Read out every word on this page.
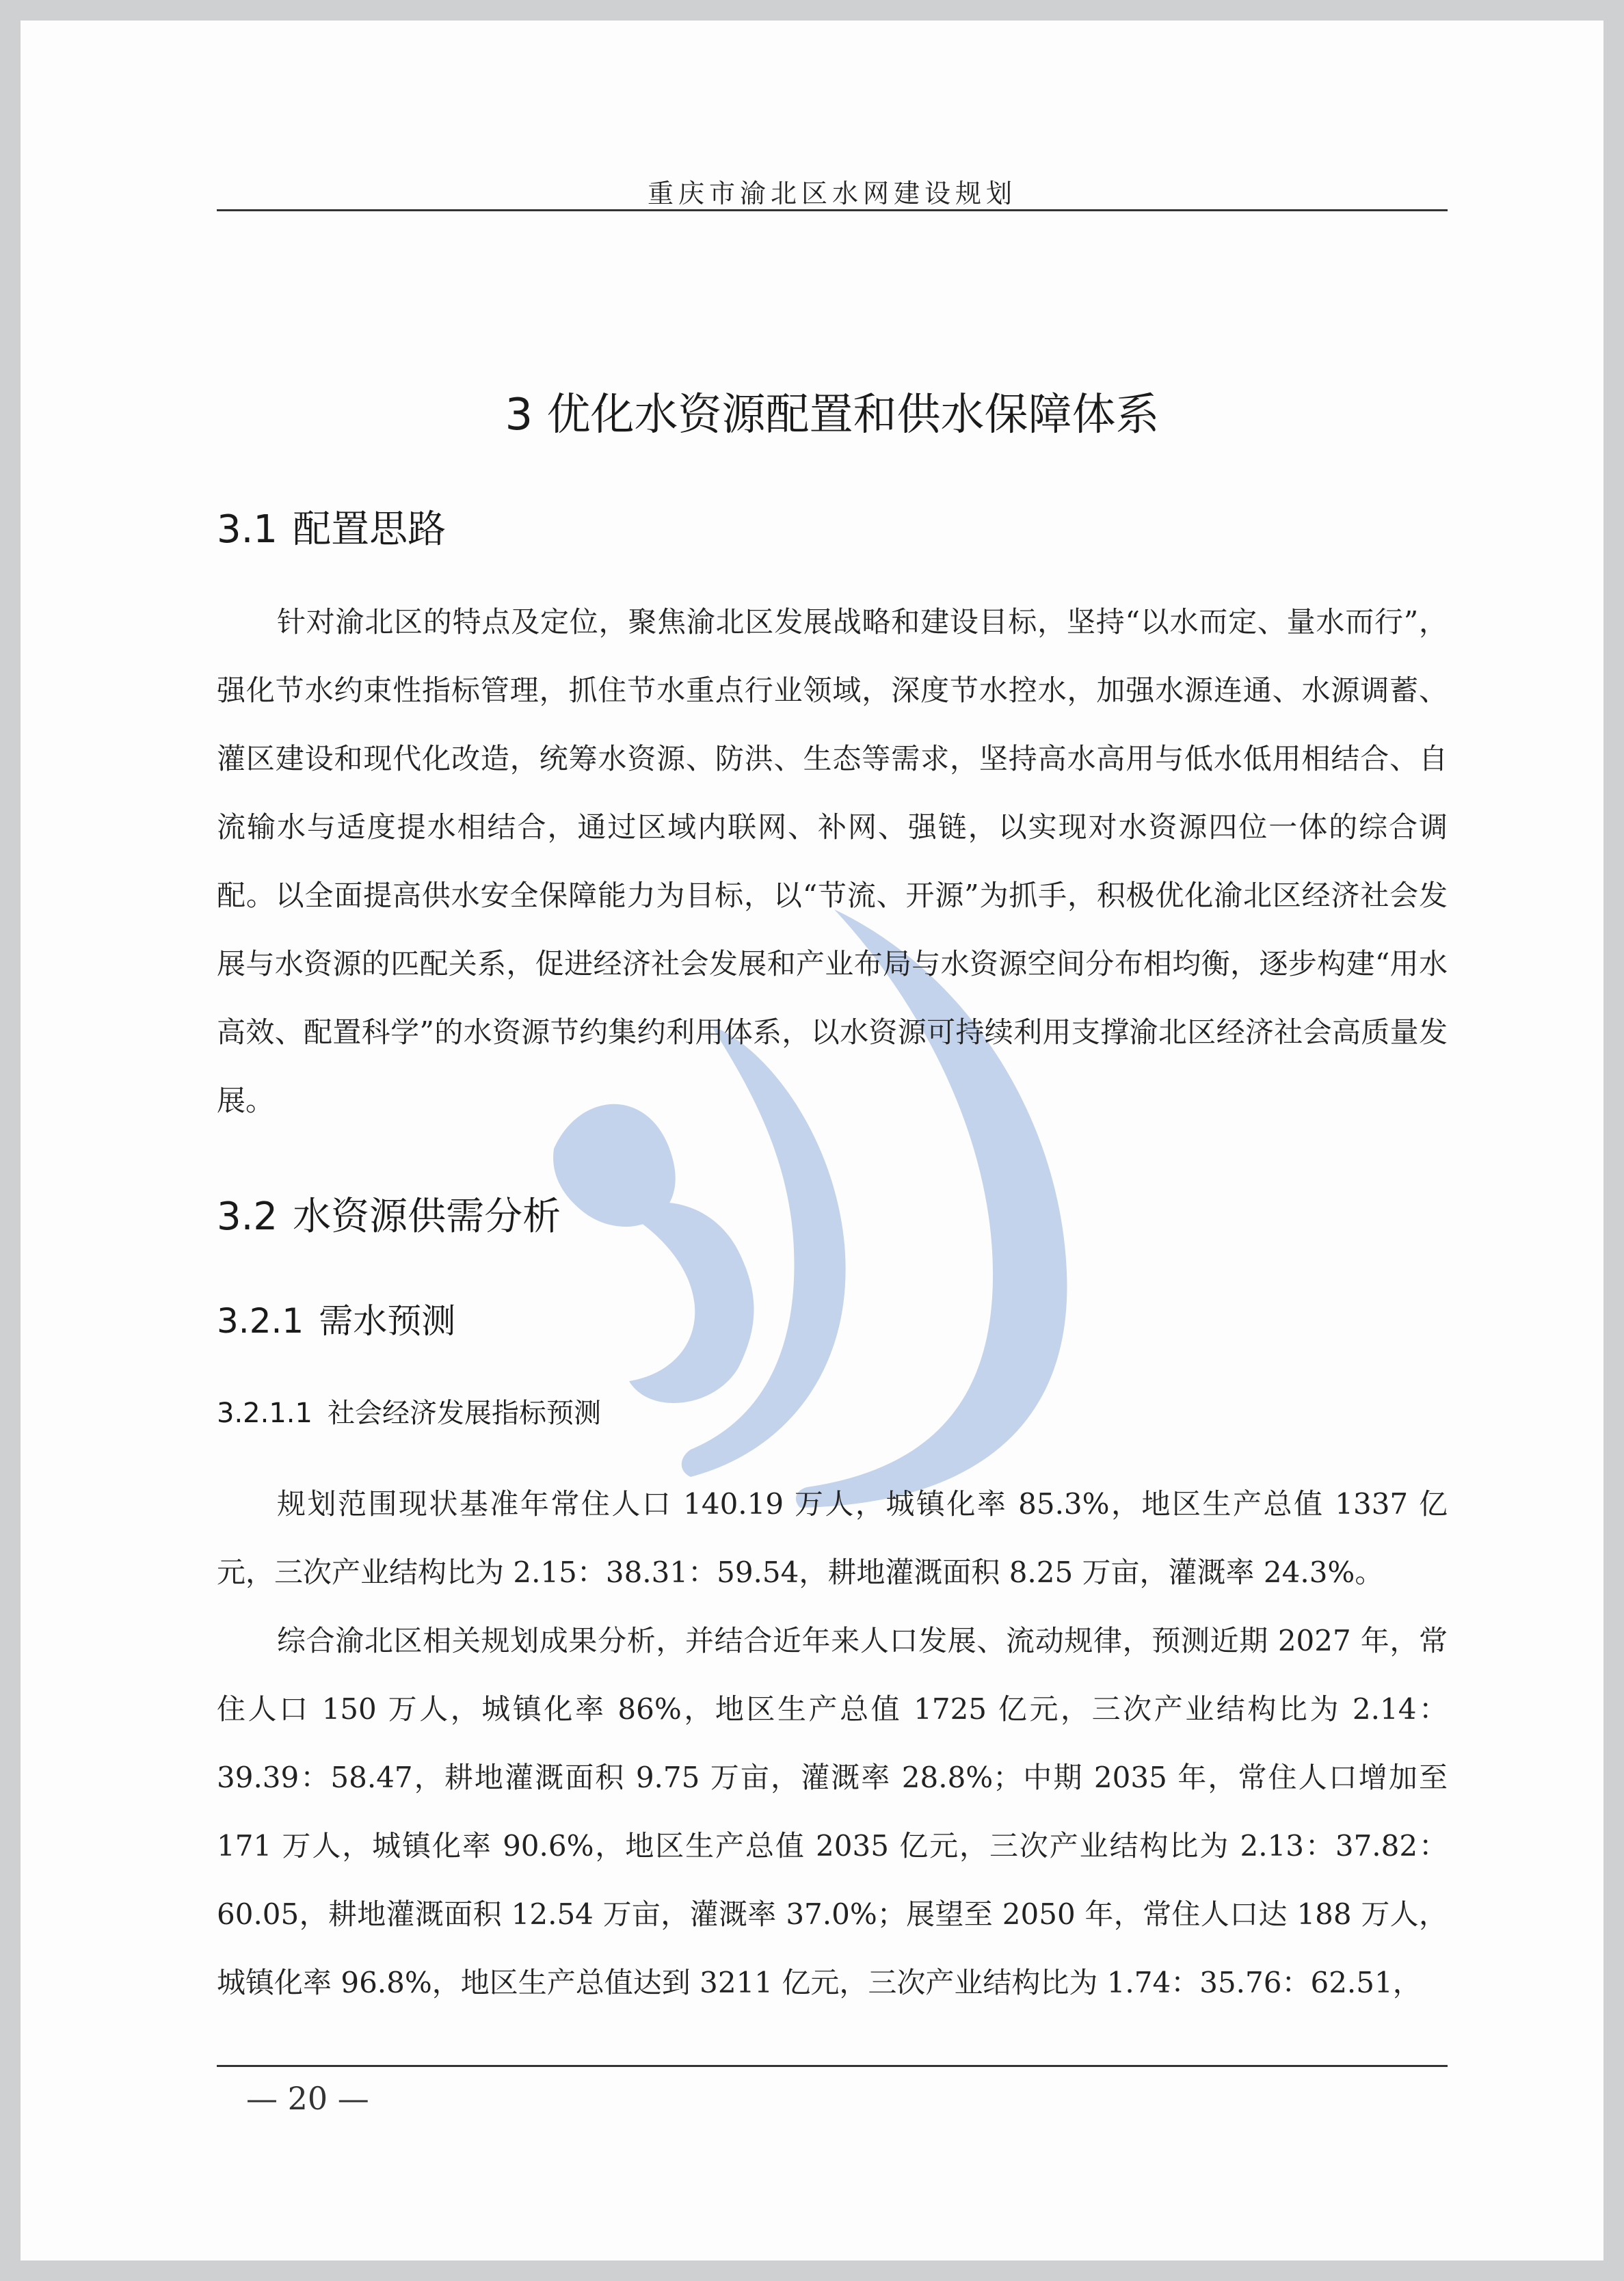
重庆市渝北区水网建设规划
3 优化水资源配置和供水保障体系
3.1 配置思路

针对渝北区的特点及定位，聚焦渝北区发展战略和建设目标，坚持“以水而定、量水而行”，强化节水约束性指标管理，抓住节水重点行业领域，深度节水控水，加强水源连通、水源调蓄、灌区建设和现代化改造，统筹水资源、防洪、生态等需求，坚持高水高用与低水低用相结合、自流输水与适度提水相结合，通过区域内联网、补网、强链，以实现对水资源四位一体的综合调配。以全面提高供水安全保障能力为目标，以“节流、开源”为抓手，积极优化渝北区经济社会发展与水资源的匹配关系，促进经济社会发展和产业布局与水资源空间分布相均衡，逐步构建“用水高效、配置科学”的水资源节约集约利用体系，以水资源可持续利用支撑渝北区经济社会高质量发展。

3.2 水资源供需分析
3.2.1 需水预测
3.2.1.1 社会经济发展指标预测

规划范围现状基准年常住人口 140.19 万人，城镇化率 85.3%，地区生产总值 1337 亿元，三次产业结构比为 2.15：38.31：59.54，耕地灌溉面积 8.25 万亩，灌溉率 24.3%。

综合渝北区相关规划成果分析，并结合近年来人口发展、流动规律，预测近期 2027 年，常住人口 150 万人，城镇化率 86%，地区生产总值 1725 亿元，三次产业结构比为 2.14：39.39：58.47，耕地灌溉面积 9.75 万亩，灌溉率 28.8%；中期 2035 年，常住人口增加至 171 万人，城镇化率 90.6%，地区生产总值 2035 亿元，三次产业结构比为 2.13：37.82：60.05，耕地灌溉面积 12.54 万亩，灌溉率 37.0%；展望至 2050 年，常住人口达 188 万人，城镇化率 96.8%，地区生产总值达到 3211 亿元，三次产业结构比为 1.74：35.76：62.51，

— 20 —
